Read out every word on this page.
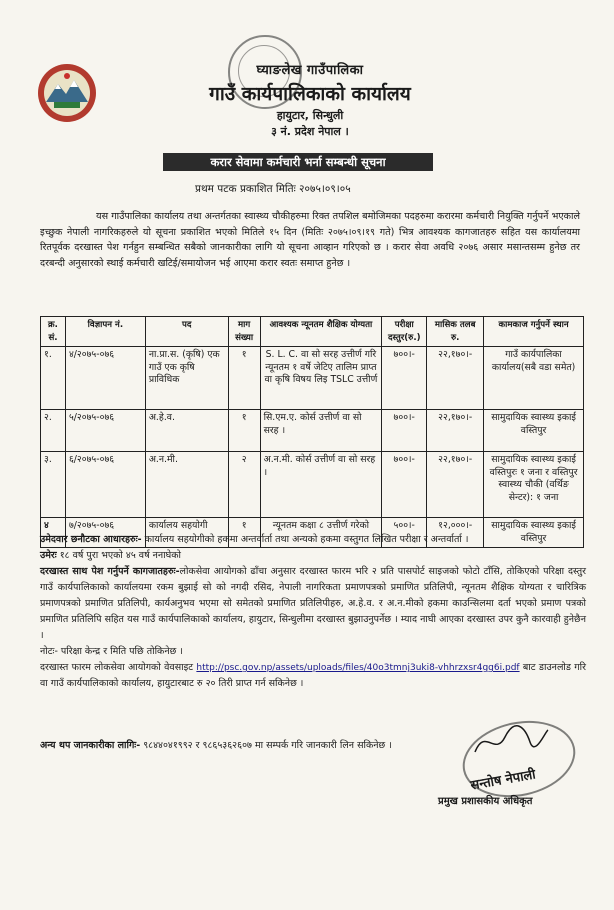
घ्याङलेख गाउँपालिका
गाउँ कार्यपालिकाको कार्यालय
हायुटार, सिन्धुली
३ नं. प्रदेश नेपाल ।
करार सेवामा कर्मचारी भर्ना सम्बन्धी सूचना
प्रथम पटक प्रकाशित मितिः २०७५।०९।०५
यस गाउँपालिका कार्यालय तथा अन्तर्गतका स्वास्थ्य चौकीहरुमा रिक्त तपशिल बमोजिमका पदहरुमा करारमा कर्मचारी नियुक्ति गर्नुपर्ने भएकाले इच्छुक नेपाली नागरिकहरुले यो सूचना प्रकाशित भएको मितिले १५ दिन (मितिः २०७५।०९।१९ गते) भित्र आवश्यक कागजातहरु सहित यस कार्यालयमा रितपूर्वक दरखास्त पेश गर्नहुन सम्बन्धित सबैको जानकारीका लागि यो सूचना आव्हान गरिएको छ । करार सेवा अवधि २०७६ असार मसान्तसम्म हुनेछ तर दरबन्दी अनुसारको स्थाई कर्मचारी खटिई/समायोजन भई आएमा करार स्वतः समाप्त हुनेछ ।
क्र. सं.	विज्ञापन नं.	पद	माग संख्या	आवश्यक न्यूनतम शैक्षिक योग्यता	परीक्षा दस्तुर(रु.)	मासिक तलब रु.	कामकाज गर्नुपर्ने स्थान
१.	४/२०७५-०७६	ना.प्रा.स. (कृषि) एक गाउँ एक कृषि प्राविधिक	१	S. L. C. वा सो सरह उत्तीर्ण गरि न्यूनतम १ वर्षे जेटिए तालिम प्राप्त वा कृषि विषय लिइ TSLC उत्तीर्ण	७००।-	२२,१७०।-	गाउँ कार्यपालिका कार्यालय(सबै वडा समेत)
२.	५/२०७५-०७६	अ.हे.व.	१	सि.एम.ए. कोर्स उत्तीर्ण वा सो सरह ।	७००।-	२२,१७०।-	सामुदायिक स्वास्थ्य इकाई वस्तिपुर
३.	६/२०७५-०७६	अ.न.मी.	२	अ.न.मी. कोर्स उत्तीर्ण वा सो सरह ।	७००।-	२२,१७०।-	सामुदायिक स्वास्थ्य इकाई वस्तिपुरः १ जना र वस्तिपुर स्वास्थ्य चौकी (वर्थिङ सेन्टर): १ जना
४	७/२०७५-०७६	कार्यालय सहयोगी	१	न्यूनतम कक्षा ८ उत्तीर्ण गरेको	५००।-	१२,०००।-	सामुदायिक स्वास्थ्य इकाई वस्तिपुर

उमेदवार छनौटका आधारहरुः- कार्यालय सहयोगीको हकमा अन्तर्वार्ता तथा अन्यको हकमा वस्तुगत लिखित परीक्षा र अन्तर्वार्ता ।

उमेरः १८ वर्ष पुरा भएको ४५ वर्ष ननाघेको

दरखास्त साथ पेश गर्नुपर्ने कागजातहरुः-लोकसेवा आयोगको ढाँचा अनुसार दरखास्त फारम भरि २ प्रति पासपोर्ट साइजको फोटो टाँसि, तोकिएको परिक्षा दस्तुर गाउँ कार्यपालिकाको कार्यालयमा रकम बुझाई सो को नगदी रसिद, नेपाली नागरिकता प्रमाणपत्रको प्रमाणित प्रतिलिपी, न्यूनतम शैक्षिक योग्यता र चारित्रिक प्रमाणपत्रको प्रमाणित प्रतिलिपी, कार्यअनुभव भएमा सो समेतको प्रमाणित प्रतिलिपीहरु, अ.हे.व. र अ.न.मीको हकमा काउन्सिलमा दर्ता भएको प्रमाण पत्रको प्रमाणित प्रतिलिपि सहित यस गाउँ कार्यपालिकाको कार्यालय, हायुटार, सिन्धुलीमा दरखास्त बुझाउनुपर्नेछ । म्याद नाघी आएका दरखास्त उपर कुनै कारवाही हुनेछैन ।

नोटः- परिक्षा केन्द्र र मिति पछि तोकिनेछ ।

दरखास्त फारम लोकसेवा आयोगको वेवसाइट http://psc.gov.np/assets/uploads/files/40o3tmnj3uki8-vhhrzxsr4gg6i.pdf बाट डाउनलोड गरि वा गाउँ कार्यपालिकाको कार्यालय, हायुटारबाट रु २० तिरी प्राप्त गर्न सकिनेछ ।

अन्य थप जानकारीका लागिः- ९८४४०४१९९२ र ९८६५३६२६०७ मा सम्पर्क गरि जानकारी लिन सकिनेछ ।
सन्तोष नेपाली
प्रमुख प्रशासकीय अधिकृत
